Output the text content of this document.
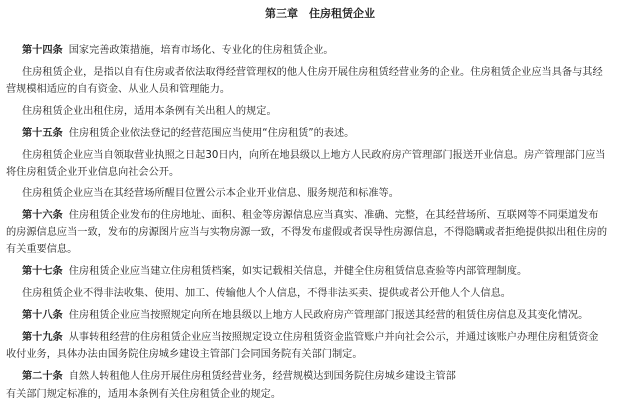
第三章　住房租赁企业
第十四条 国家完善政策措施，培育市场化、专业化的住房租赁企业。
住房租赁企业，是指以自有住房或者依法取得经营管理权的他人住房开展住房租赁经营业务的企业。住房租赁企业应当具备与其经
营规模相适应的自有资金、从业人员和管理能力。
住房租赁企业出租住房，适用本条例有关出租人的规定。
第十五条 住房租赁企业依法登记的经营范围应当使用“住房租赁”的表述。
住房租赁企业应当自领取营业执照之日起30日内，向所在地县级以上地方人民政府房产管理部门报送开业信息。房产管理部门应当
将住房租赁企业开业信息向社会公开。
住房租赁企业应当在其经营场所醒目位置公示本企业开业信息、服务规范和标准等。
第十六条 住房租赁企业发布的住房地址、面积、租金等房源信息应当真实、准确、完整，在其经营场所、互联网等不同渠道发布
的房源信息应当一致，发布的房源图片应当与实物房源一致，不得发布虚假或者误导性房源信息，不得隐瞒或者拒绝提供拟出租住房的
有关重要信息。
第十七条 住房租赁企业应当建立住房租赁档案，如实记载相关信息，并健全住房租赁信息查验等内部管理制度。
住房租赁企业不得非法收集、使用、加工、传输他人个人信息，不得非法买卖、提供或者公开他人个人信息。
第十八条 住房租赁企业应当按照规定向所在地县级以上地方人民政府房产管理部门报送其经营的租赁住房信息及其变化情况。
第十九条 从事转租经营的住房租赁企业应当按照规定设立住房租赁资金监管账户并向社会公示，并通过该账户办理住房租赁资金
收付业务，具体办法由国务院住房城乡建设主管部门会同国务院有关部门制定。
第二十条 自然人转租他人住房开展住房租赁经营业务，经营规模达到国务院住房城乡建设主管部
有关部门规定标准的，适用本条例有关住房租赁企业的规定。
